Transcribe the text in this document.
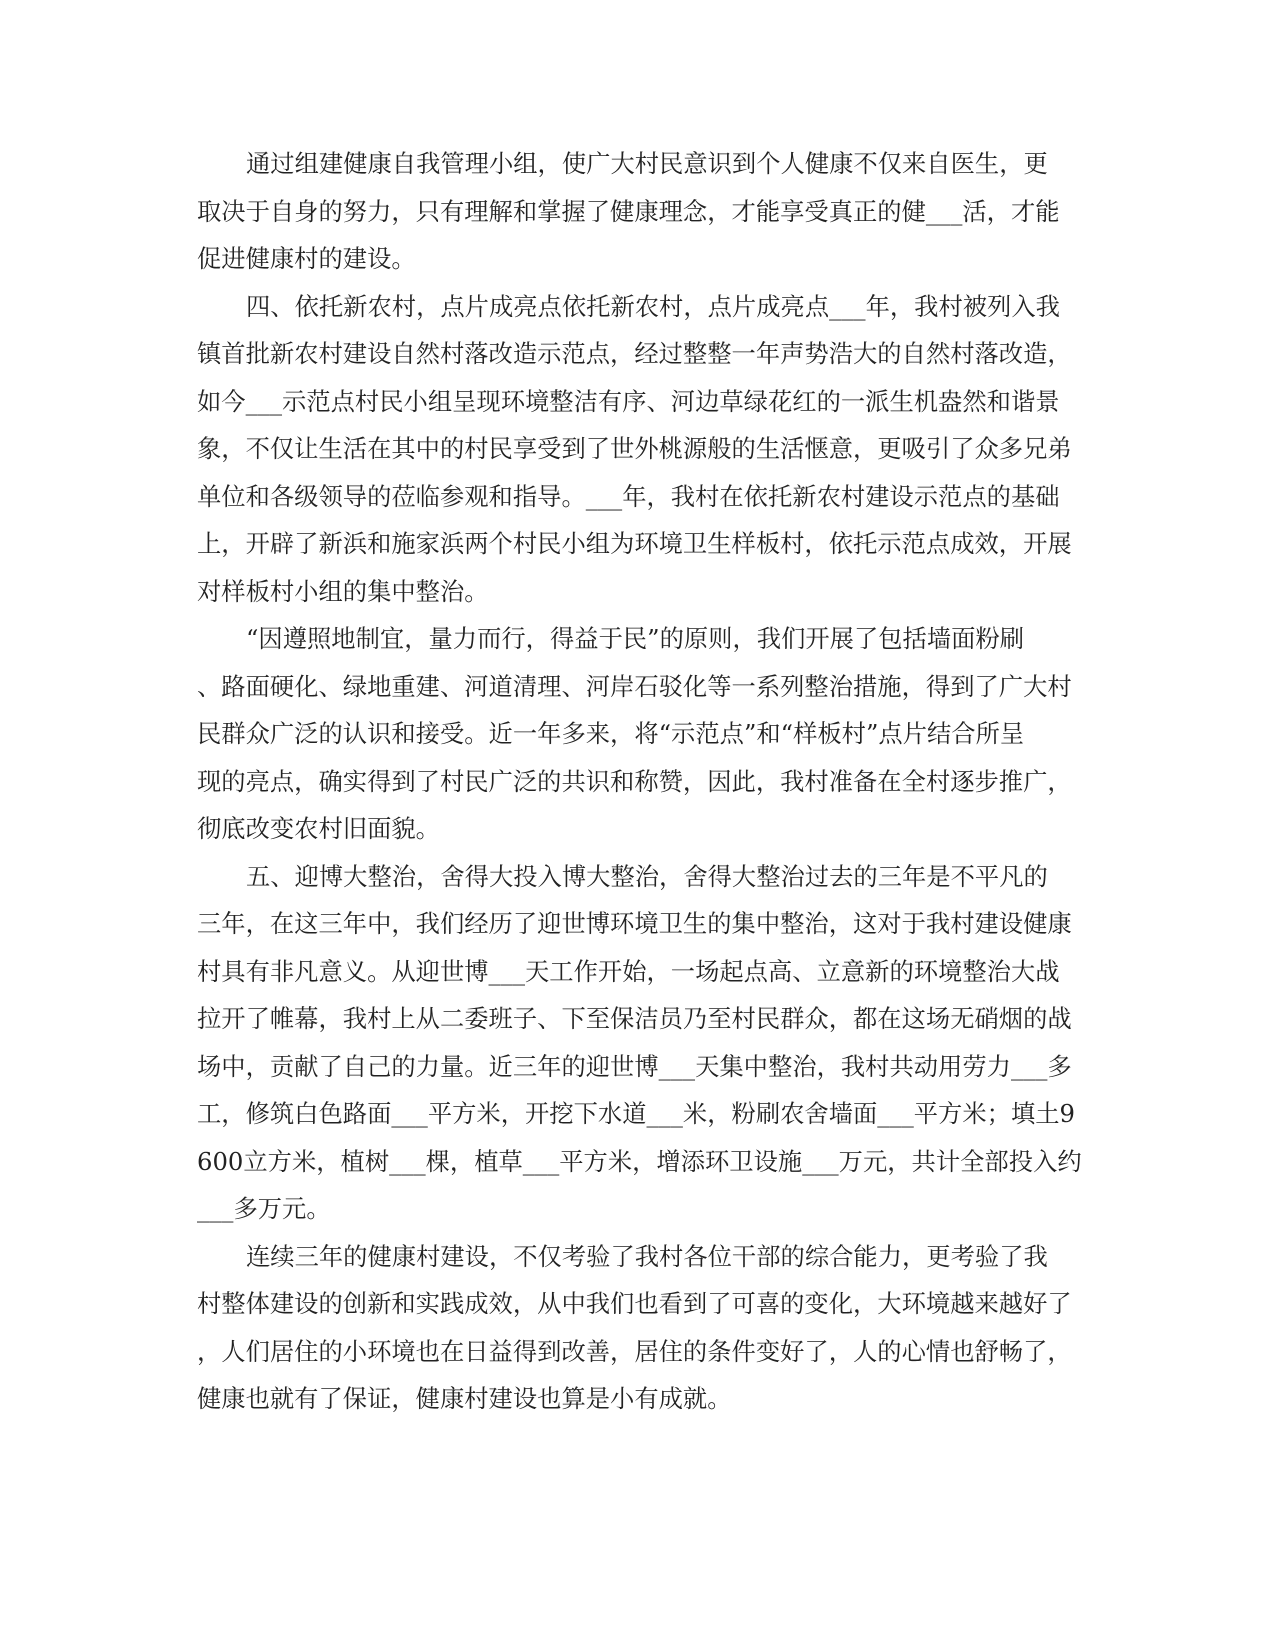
通过组建健康自我管理小组，使广大村民意识到个人健康不仅来自医生，更
取决于自身的努力，只有理解和掌握了健康理念，才能享受真正的健___活，才能
促进健康村的建设。
四、依托新农村，点片成亮点依托新农村，点片成亮点___年，我村被列入我
镇首批新农村建设自然村落改造示范点，经过整整一年声势浩大的自然村落改造，
如今___示范点村民小组呈现环境整洁有序、河边草绿花红的一派生机盎然和谐景
象，不仅让生活在其中的村民享受到了世外桃源般的生活惬意，更吸引了众多兄弟
单位和各级领导的莅临参观和指导。___年，我村在依托新农村建设示范点的基础
上，开辟了新浜和施家浜两个村民小组为环境卫生样板村，依托示范点成效，开展
对样板村小组的集中整治。
“因遵照地制宜，量力而行，得益于民”的原则，我们开展了包括墙面粉刷
、路面硬化、绿地重建、河道清理、河岸石驳化等一系列整治措施，得到了广大村
民群众广泛的认识和接受。近一年多来，将“示范点”和“样板村”点片结合所呈
现的亮点，确实得到了村民广泛的共识和称赞，因此，我村准备在全村逐步推广，
彻底改变农村旧面貌。
五、迎博大整治，舍得大投入博大整治，舍得大整治过去的三年是不平凡的
三年，在这三年中，我们经历了迎世博环境卫生的集中整治，这对于我村建设健康
村具有非凡意义。从迎世博___天工作开始，一场起点高、立意新的环境整治大战
拉开了帷幕，我村上从二委班子、下至保洁员乃至村民群众，都在这场无硝烟的战
场中，贡献了自己的力量。近三年的迎世博___天集中整治，我村共动用劳力___多
工，修筑白色路面___平方米，开挖下水道___米，粉刷农舍墙面___平方米；填土9
600立方米，植树___棵，植草___平方米，增添环卫设施___万元，共计全部投入约
___多万元。
连续三年的健康村建设，不仅考验了我村各位干部的综合能力，更考验了我
村整体建设的创新和实践成效，从中我们也看到了可喜的变化，大环境越来越好了
，人们居住的小环境也在日益得到改善，居住的条件变好了，人的心情也舒畅了，
健康也就有了保证，健康村建设也算是小有成就。
